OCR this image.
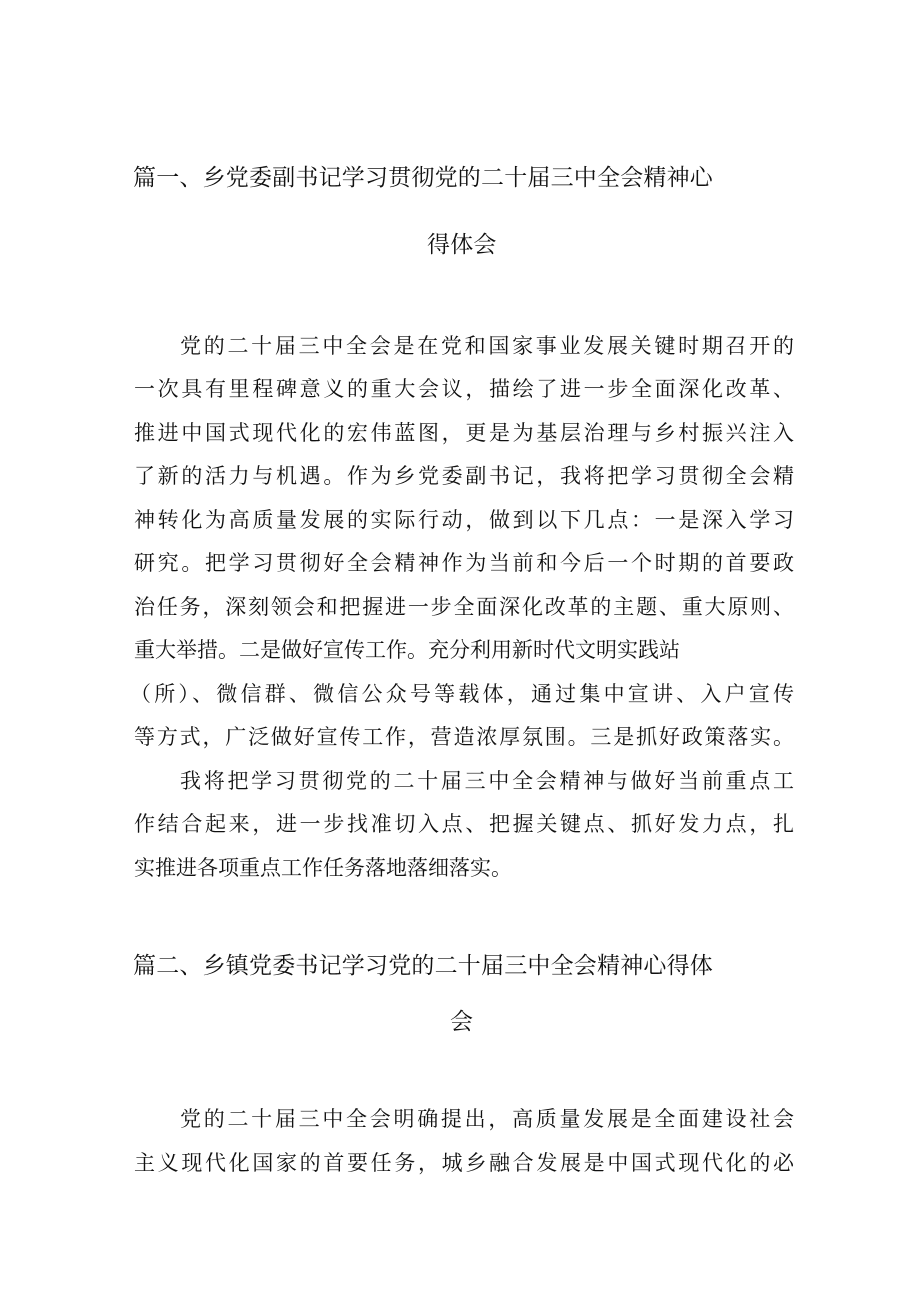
篇一、乡党委副书记学习贯彻党的二十届三中全会精神心
得体会
党的二十届三中全会是在党和国家事业发展关键时期召开的
一次具有里程碑意义的重大会议，描绘了进一步全面深化改革、
推进中国式现代化的宏伟蓝图，更是为基层治理与乡村振兴注入
了新的活力与机遇。作为乡党委副书记，我将把学习贯彻全会精
神转化为高质量发展的实际行动，做到以下几点：一是深入学习
研究。把学习贯彻好全会精神作为当前和今后一个时期的首要政
治任务，深刻领会和把握进一步全面深化改革的主题、重大原则、
重大举措。二是做好宣传工作。充分利用新时代文明实践站
（所）、微信群、微信公众号等载体，通过集中宣讲、入户宣传
等方式，广泛做好宣传工作，营造浓厚氛围。三是抓好政策落实。
我将把学习贯彻党的二十届三中全会精神与做好当前重点工
作结合起来，进一步找准切入点、把握关键点、抓好发力点，扎
实推进各项重点工作任务落地落细落实。
篇二、乡镇党委书记学习党的二十届三中全会精神心得体
会
党的二十届三中全会明确提出，高质量发展是全面建设社会
主义现代化国家的首要任务，城乡融合发展是中国式现代化的必
